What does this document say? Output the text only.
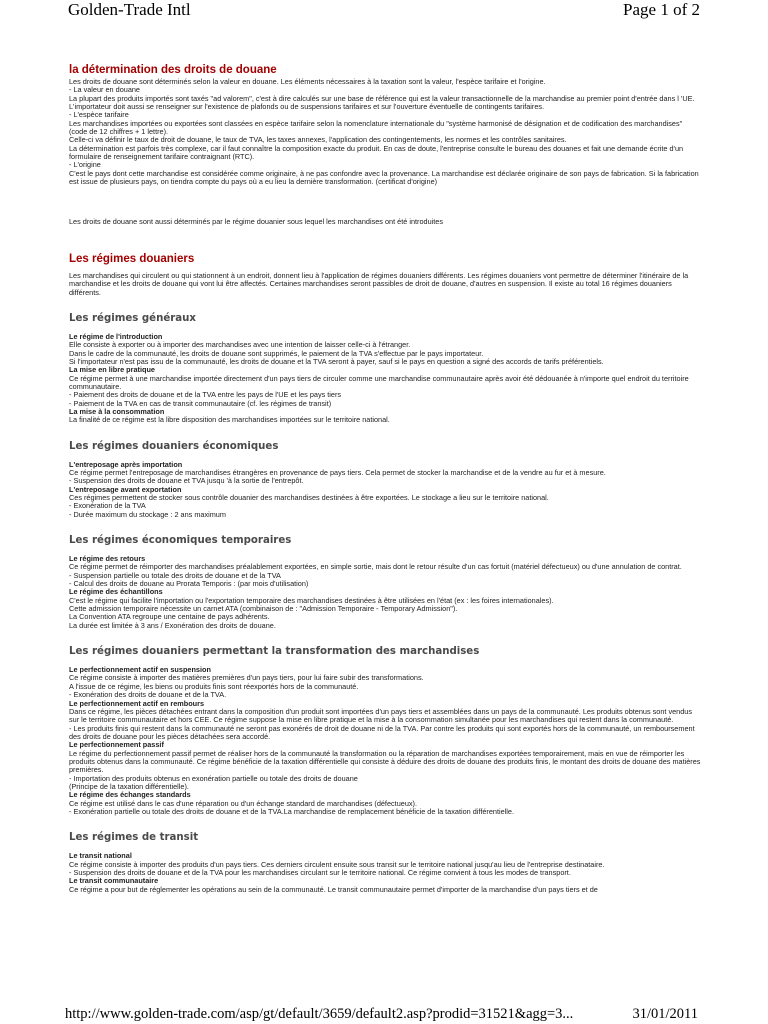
Golden-Trade Intl	Page 1 of 2
la détermination des droits de douane

Les droits de douane sont déterminés selon la valeur en douane. Les éléments nécessaires à la taxation sont la valeur, l'espèce tarifaire et l'origine.
- La valeur en douane
La plupart des produits importés sont taxés "ad valorem", c'est à dire calculés sur une base de référence qui est la valeur transactionnelle de la marchandise au premier point d'entrée dans l 'UE. L'importateur doit aussi se renseigner sur l'existence de plafonds ou de suspensions tarifaires et sur l'ouverture éventuelle de contingents tarifaires.
- L'espèce tarifaire
Les marchandises importées ou exportées sont classées en espèce tarifaire selon la nomenclature internationale du "système harmonisé de désignation et de codification des marchandises" (code de 12 chiffres + 1 lettre).
Celle-ci va définir le taux de droit de douane, le taux de TVA, les taxes annexes, l'application des contingentements, les normes et les contrôles sanitaires.
La détermination est parfois très complexe, car il faut connaître la composition exacte du produit. En cas de doute, l'entreprise consulte le bureau des douanes et fait une demande écrite d'un formulaire de renseignement tarifaire contraignant (RTC).
- L'origine
C'est le pays dont cette marchandise est considérée comme originaire, à ne pas confondre avec la provenance. La marchandise est déclarée originaire de son pays de fabrication. Si la fabrication est issue de plusieurs pays, on tiendra compte du pays où a eu lieu la dernière transformation. (certificat d'origine)

Les droits de douane sont aussi déterminés par le régime douanier sous lequel les marchandises ont été introduites

Les régimes douaniers

Les marchandises qui circulent ou qui stationnent à un endroit, donnent lieu à l'application de régimes douaniers différents. Les régimes douaniers vont permettre de déterminer l'itinéraire de la marchandise et les droits de douane qui vont lui être affectés. Certaines marchandises seront passibles de droit de douane, d'autres en suspension. Il existe au total 16 régimes douaniers différents.

Les régimes généraux

Le régime de l'introduction

Elle consiste à exporter ou à importer des marchandises avec une intention de laisser celle-ci à l'étranger.
Dans le cadre de la communauté, les droits de douane sont supprimés, le paiement de la TVA s'effectue par le pays importateur.
Si l'importateur n'est pas issu de la communauté, les droits de douane et la TVA seront à payer, sauf si le pays en question a signé des accords de tarifs préférentiels.

La mise en libre pratique

Ce régime permet à une marchandise importée directement d'un pays tiers de circuler comme une marchandise communautaire après avoir été dédouanée à n'importe quel endroit du territoire communautaire.
- Paiement des droits de douane et de la TVA entre les pays de l'UE et les pays tiers
- Paiement de la TVA en cas de transit communautaire (cf. les régimes de transit)

La mise à la consommation

La finalité de ce régime est la libre disposition des marchandises importées sur le territoire national.

Les régimes douaniers économiques

L'entreposage après importation

Ce régime permet l'entreposage de marchandises étrangères en provenance de pays tiers. Cela permet de stocker la marchandise et de la vendre au fur et à mesure.
- Suspension des droits de douane et TVA jusqu 'à la sortie de l'entrepôt.

L'entreposage avant exportation

Ces régimes permettent de stocker sous contrôle douanier des marchandises destinées à être exportées. Le stockage a lieu sur le territoire national.
- Exonération de la TVA
- Durée maximum du stockage : 2 ans maximum

Les régimes économiques temporaires

Le régime des retours

Ce régime permet de réimporter des marchandises préalablement exportées, en simple sortie, mais dont le retour résulte d'un cas fortuit (matériel défectueux) ou d'une annulation de contrat.
- Suspension partielle ou totale des droits de douane et de la TVA
- Calcul des droits de douane au Prorata Temporis : (par mois d'utilisation)

Le régime des échantillons

C'est le régime qui facilite l'importation ou l'exportation temporaire des marchandises destinées à être utilisées en l'état (ex : les foires internationales).
Cette admission temporaire nécessite un carnet ATA (combinaison de : "Admission Temporaire - Temporary Admission").
La Convention ATA regroupe une centaine de pays adhérents.
La durée est limitée à 3 ans / Exonération des droits de douane.

Les régimes douaniers permettant la transformation des marchandises

Le perfectionnement actif en suspension

Ce régime consiste à importer des matières premières d'un pays tiers, pour lui faire subir des transformations.
A l'issue de ce régime, les biens ou produits finis sont réexportés hors de la communauté.
- Exonération des droits de douane et de la TVA.

Le perfectionnement actif en rembours

Dans ce régime, les pièces détachées entrant dans la composition d'un produit sont importées d'un pays tiers et assemblées dans un pays de la communauté. Les produits obtenus sont vendus sur le territoire communautaire et hors CEE. Ce régime suppose la mise en libre pratique et la mise à la consommation simultanée pour les marchandises qui restent dans la communauté.
- Les produits finis qui restent dans la communauté ne seront pas exonérés de droit de douane ni de la TVA. Par contre les produits qui sont exportés hors de la communauté, un remboursement des droits de douane pour les pièces détachées sera accordé.

Le perfectionnement passif

Le régime du perfectionnement passif permet de réaliser hors de la communauté la transformation ou la réparation de marchandises exportées temporairement, mais en vue de réimporter les produits obtenus dans la communauté. Ce régime bénéficie de la taxation différentielle qui consiste à déduire des droits de douane des produits finis, le montant des droits de douane des matières premières.
- Importation des produits obtenus en exonération partielle ou totale des droits de douane
(Principe de la taxation différentielle).

Le régime des échanges standards

Ce régime est utilisé dans le cas d'une réparation ou d'un échange standard de marchandises (défectueux).
- Exonération partielle ou totale des droits de douane et de la TVA.La marchandise de remplacement bénéficie de la taxation différentielle.

Les régimes de transit

Le transit national

Ce régime consiste à importer des produits d'un pays tiers. Ces derniers circulent ensuite sous transit sur le territoire national jusqu'au lieu de l'entreprise destinataire.
- Suspension des droits de douane et de la TVA pour les marchandises circulant sur le territoire national. Ce régime convient à tous les modes de transport.

Le transit communautaire

Ce régime a pour but de réglementer les opérations au sein de la communauté. Le transit communautaire permet d'importer de la marchandise d'un pays tiers et de

http://www.golden-trade.com/asp/gt/default/3659/default2.asp?prodid=31521&agg=3...	31/01/2011
